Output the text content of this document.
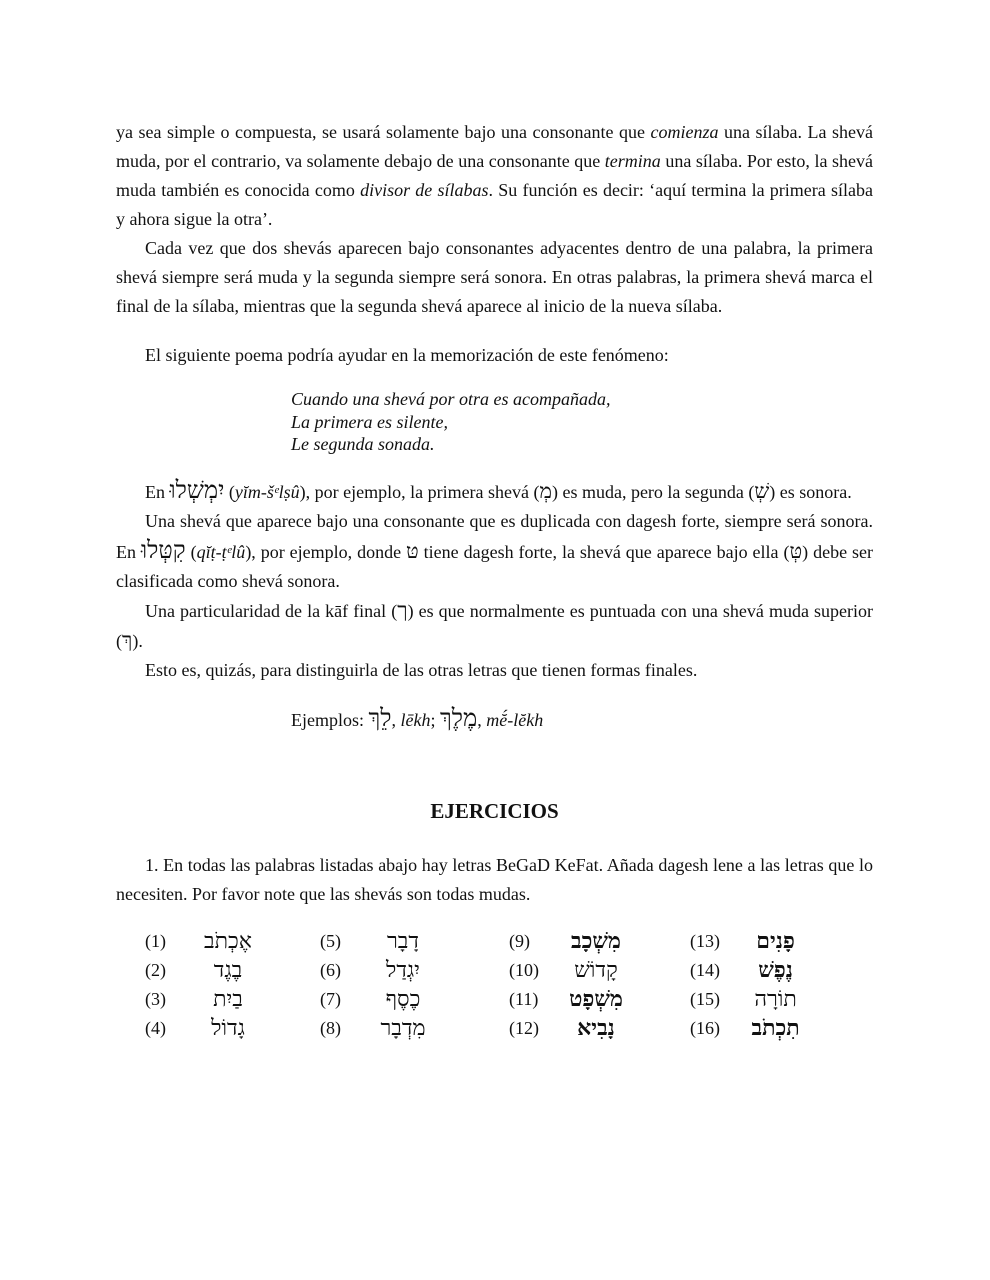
ya sea simple o compuesta, se usará solamente bajo una consonante que comienza una sílaba. La shevá muda, por el contrario, va solamente debajo de una consonante que termina una sílaba. Por esto, la shevá muda también es conocida como divisor de sílabas. Su función es decir: ‘aquí termina la primera sílaba y ahora sigue la otra’.

Cada vez que dos shevás aparecen bajo consonantes adyacentes dentro de una palabra, la primera shevá siempre será muda y la segunda siempre será sonora. En otras palabras, la primera shevá marca el final de la sílaba, mientras que la segunda shevá aparece al inicio de la nueva sílaba.

El siguiente poema podría ayudar en la memorización de este fenómeno:

Cuando una shevá por otra es acompañada,
La primera es silente,
Le segunda sonada.

En יִמְשְׁלוּ (yĭm-šᵉlṣû), por ejemplo, la primera shevá (מְ) es muda, pero la segunda (שְׁ) es sonora.

Una shevá que aparece bajo una consonante que es duplicada con dagesh forte, siempre será sonora. En קִטְּלוּ (qĭṭ-ṭᵉlû), por ejemplo, donde טּ tiene dagesh forte, la shevá que aparece bajo ella (טְּ) debe ser clasificada como shevá sonora.

Una particularidad de la kāf final (ך) es que normalmente es puntuada con una shevá muda superior (ךְ).

Esto es, quizás, para distinguirla de las otras letras que tienen formas finales.

Ejemplos: לֵךְ, lēkh; מֶלֶךְ, mĕ́-lĕkh
EJERCICIOS

1. En todas las palabras listadas abajo hay letras BeGaD KeFat. Añada dagesh lene a las letras que lo necesiten. Por favor note que las shevás son todas mudas.

(1)	אֶכְתֹב	(5)	דָבָר	(9)	מִשְׁכָב	(13)	פָנִים
(2)	בֶגֶד	(6)	יִגְדַל	(10)	קָדוֹשׁ	(14)	נֶפֶשׁ
(3)	בַיִת	(7)	כֶסֶף	(11)	מִשְׁפָט	(15)	תוֹרָה
(4)	גָדוֹל	(8)	מִדְבָר	(12)	נָבִיא	(16)	תִכְתֹב
